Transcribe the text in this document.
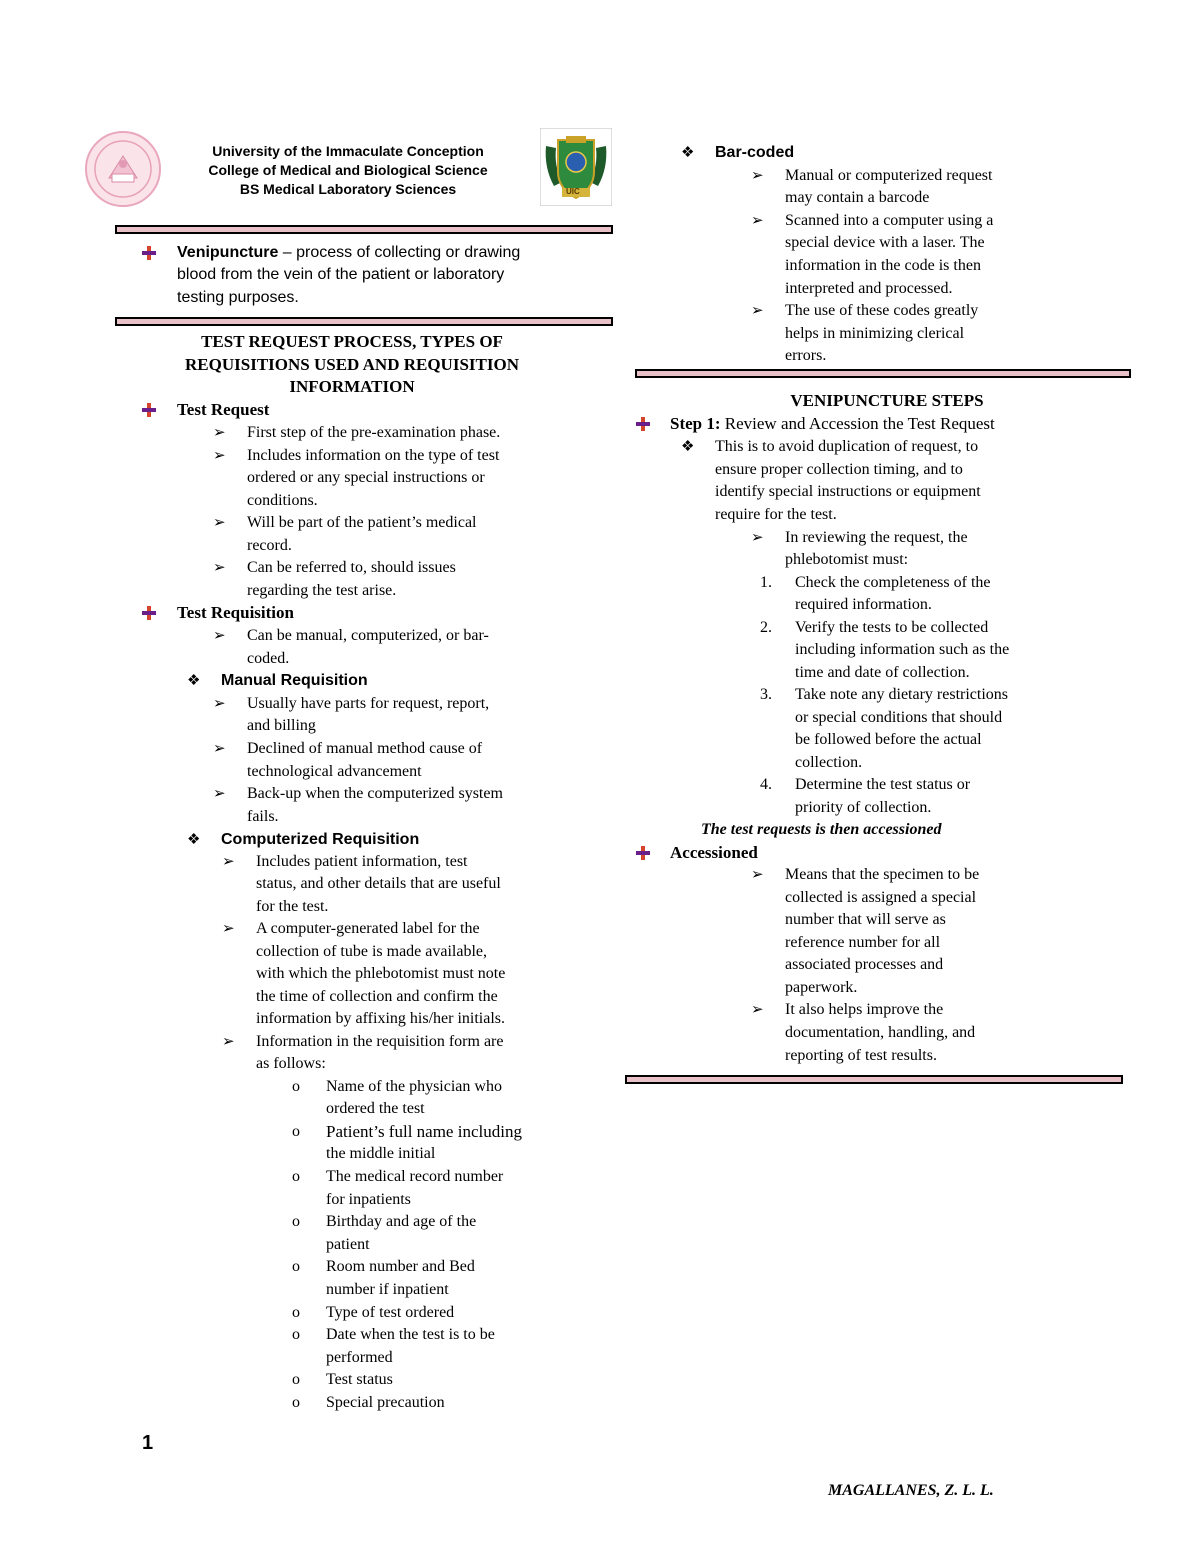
University of the Immaculate Conception
College of Medical and Biological Science
BS Medical Laboratory Sciences	UIC
Venipuncture – process of collecting or drawing
blood from the vein of the patient or laboratory
testing purposes.
TEST REQUEST PROCESS, TYPES OF
REQUISITIONS USED AND REQUISITION
INFORMATION
Test Request
➢ First step of the pre-examination phase.
➢ Includes information on the type of test
ordered or any special instructions or
conditions.
➢ Will be part of the patient’s medical
record.
➢ Can be referred to, should issues
regarding the test arise.
Test Requisition
➢ Can be manual, computerized, or bar-
coded.
❖ Manual Requisition
➢ Usually have parts for request, report,
and billing
➢ Declined of manual method cause of
technological advancement
➢ Back-up when the computerized system
fails.
❖ Computerized Requisition
➢ Includes patient information, test
status, and other details that are useful
for the test.
➢ A computer-generated label for the
collection of tube is made available,
with which the phlebotomist must note
the time of collection and confirm the
information by affixing his/her initials.
➢ Information in the requisition form are
as follows:
o Name of the physician who
ordered the test
o Patient’s full name including
the middle initial
o The medical record number
for inpatients
o Birthday and age of the
patient
o Room number and Bed
number if inpatient
o Type of test ordered
o Date when the test is to be
performed
o Test status
o Special precaution
❖ Bar-coded
➢ Manual or computerized request
may contain a barcode
➢ Scanned into a computer using a
special device with a laser. The
information in the code is then
interpreted and processed.
➢ The use of these codes greatly
helps in minimizing clerical
errors.
VENIPUNCTURE STEPS
Step 1: Review and Accession the Test Request
❖ This is to avoid duplication of request, to
ensure proper collection timing, and to
identify special instructions or equipment
require for the test.
➢ In reviewing the request, the
phlebotomist must:
1. Check the completeness of the
required information.
2. Verify the tests to be collected
including information such as the
time and date of collection.
3. Take note any dietary restrictions
or special conditions that should
be followed before the actual
collection.
4. Determine the test status or
priority of collection.
The test requests is then accessioned
Accessioned
➢ Means that the specimen to be
collected is assigned a special
number that will serve as
reference number for all
associated processes and
paperwork.
➢ It also helps improve the
documentation, handling, and
reporting of test results.
1
MAGALLANES, Z. L. L.
